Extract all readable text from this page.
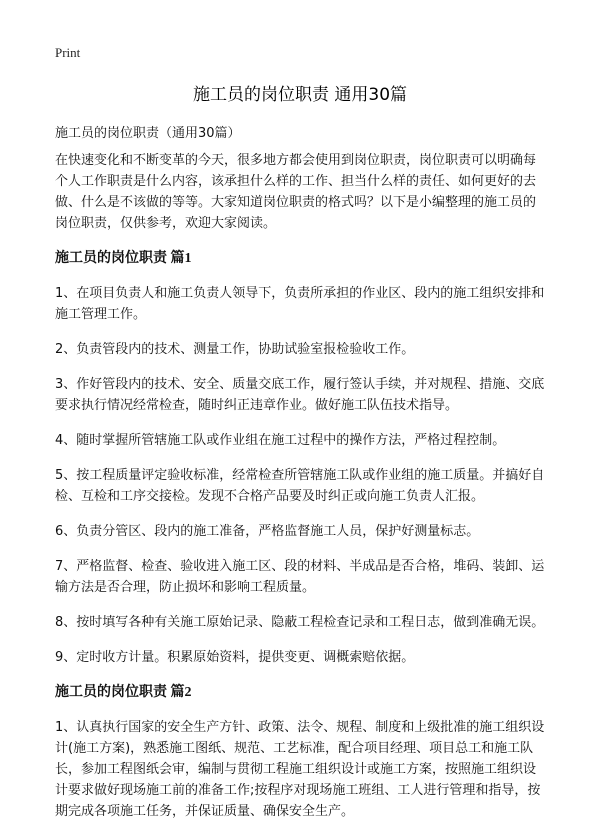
Print
施工员的岗位职责 通用30篇
施工员的岗位职责（通用30篇）

在快速变化和不断变革的今天，很多地方都会使用到岗位职责，岗位职责可以明确每个人工作职责是什么内容，该承担什么样的工作、担当什么样的责任、如何更好的去做、什么是不该做的等等。大家知道岗位职责的格式吗？以下是小编整理的施工员的岗位职责，仅供参考，欢迎大家阅读。

施工员的岗位职责 篇1

1、在项目负责人和施工负责人领导下，负责所承担的作业区、段内的施工组织安排和施工管理工作。

2、负责管段内的技术、测量工作，协助试验室报检验收工作。

3、作好管段内的技术、安全、质量交底工作，履行签认手续，并对规程、措施、交底要求执行情况经常检查，随时纠正违章作业。做好施工队伍技术指导。

4、随时掌握所管辖施工队或作业组在施工过程中的操作方法，严格过程控制。

5、按工程质量评定验收标准，经常检查所管辖施工队或作业组的施工质量。并搞好自检、互检和工序交接检。发现不合格产品要及时纠正或向施工负责人汇报。

6、负责分管区、段内的施工准备，严格监督施工人员，保护好测量标志。

7、严格监督、检查、验收进入施工区、段的材料、半成品是否合格，堆码、装卸、运输方法是否合理，防止损坏和影响工程质量。

8、按时填写各种有关施工原始记录、隐蔽工程检查记录和工程日志，做到准确无误。

9、定时收方计量。积累原始资料，提供变更、调概索赔依据。

施工员的岗位职责 篇2

1、认真执行国家的安全生产方针、政策、法令、规程、制度和上级批准的施工组织设计(施工方案)，熟悉施工图纸、规范、工艺标准，配合项目经理、项目总工和施工队长，参加工程图纸会审，编制与贯彻工程施工组织设计或施工方案，按照施工组织设计要求做好现场施工前的准备工作;按程序对现场施工班组、工人进行管理和指导，按期完成各项施工任务，并保证质量、确保安全生产。
